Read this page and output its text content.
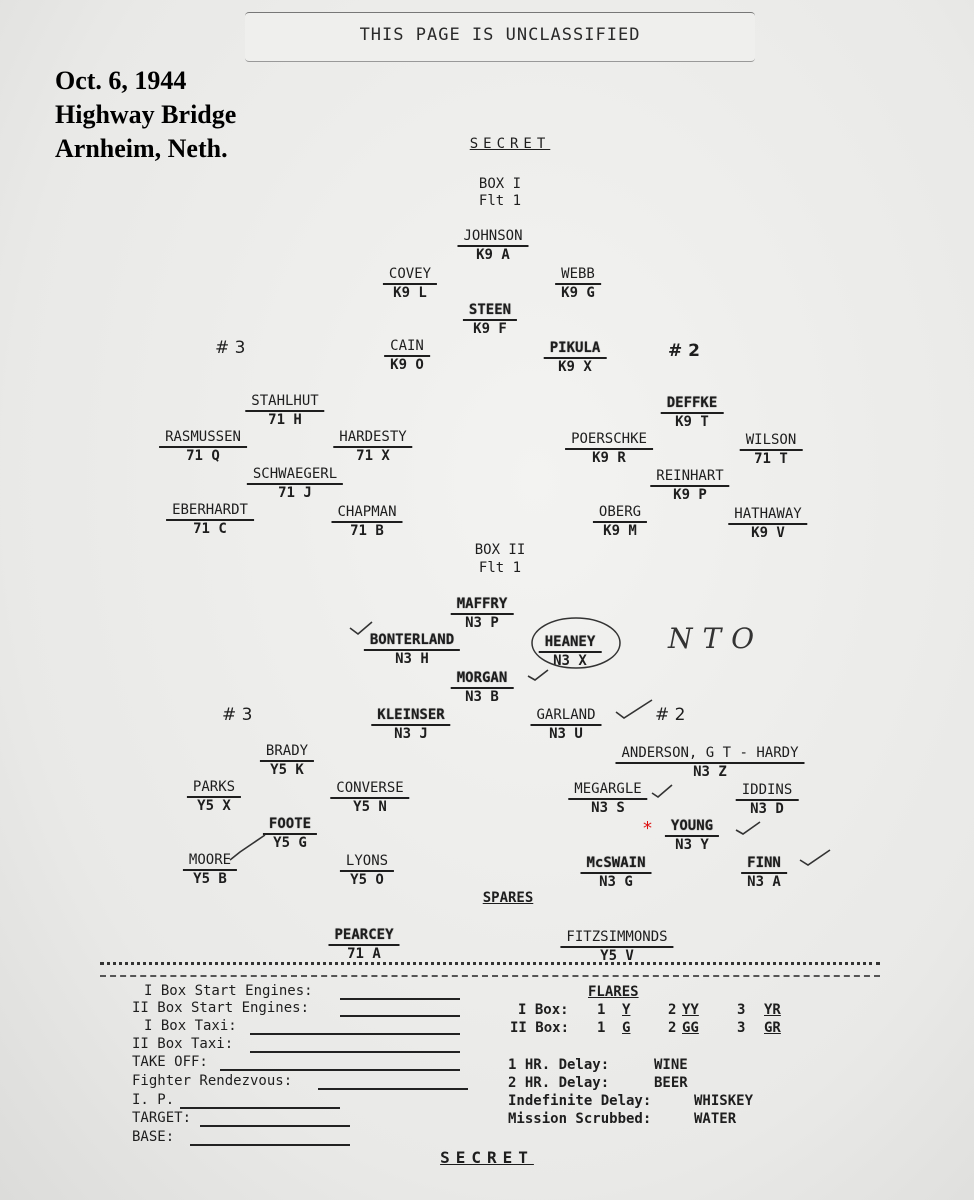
THIS PAGE IS UNCLASSIFIED
Oct. 6, 1944
Highway Bridge
Arnheim, Neth.	SECRET
BOX I
Flt 1
# 3	# 2
JOHNSON
K9 A
COVEY
K9 L
WEBB
K9 G
STEEN
K9 F
CAIN
K9 O
PIKULA
K9 X
STAHLHUT
71 H
RASMUSSEN
71 Q
HARDESTY
71 X
SCHWAEGERL
71 J
EBERHARDT
71 C
CHAPMAN
71 B
DEFFKE
K9 T
POERSCHKE
K9 R
WILSON
71 T
REINHART
K9 P
OBERG
K9 M
HATHAWAY
K9 V
BOX II
Flt 1
MAFFRY
N3 P
BONTERLAND
N3 H
HEANEY
N3 X
MORGAN
N3 B
KLEINSER
N3 J
GARLAND
N3 U
NTO
# 3	# 2
BRADY
Y5 K
PARKS
Y5 X
CONVERSE
Y5 N
FOOTE
Y5 G
MOORE
Y5 B
LYONS
Y5 O
ANDERSON, G T - HARDY
N3 Z
MEGARGLE
N3 S
IDDINS
N3 D
*	YOUNG
N3 Y
McSWAIN
N3 G
FINN
N3 A
SPARES
PEARCEY
71 A
FITZSIMMONDS
Y5 V
I Box Start Engines:
II Box Start Engines:
I Box Taxi:
II Box Taxi:
TAKE OFF:
Fighter Rendezvous:
I. P.
TARGET:
BASE:
FLARES
I Box: 1 Y	2 YY	3 YR
II Box: 1 G	2 GG	3 GR
1 HR. Delay:	WINE
2 HR. Delay:	BEER
Indefinite Delay:	WHISKEY
Mission Scrubbed:	WATER
SECRET
